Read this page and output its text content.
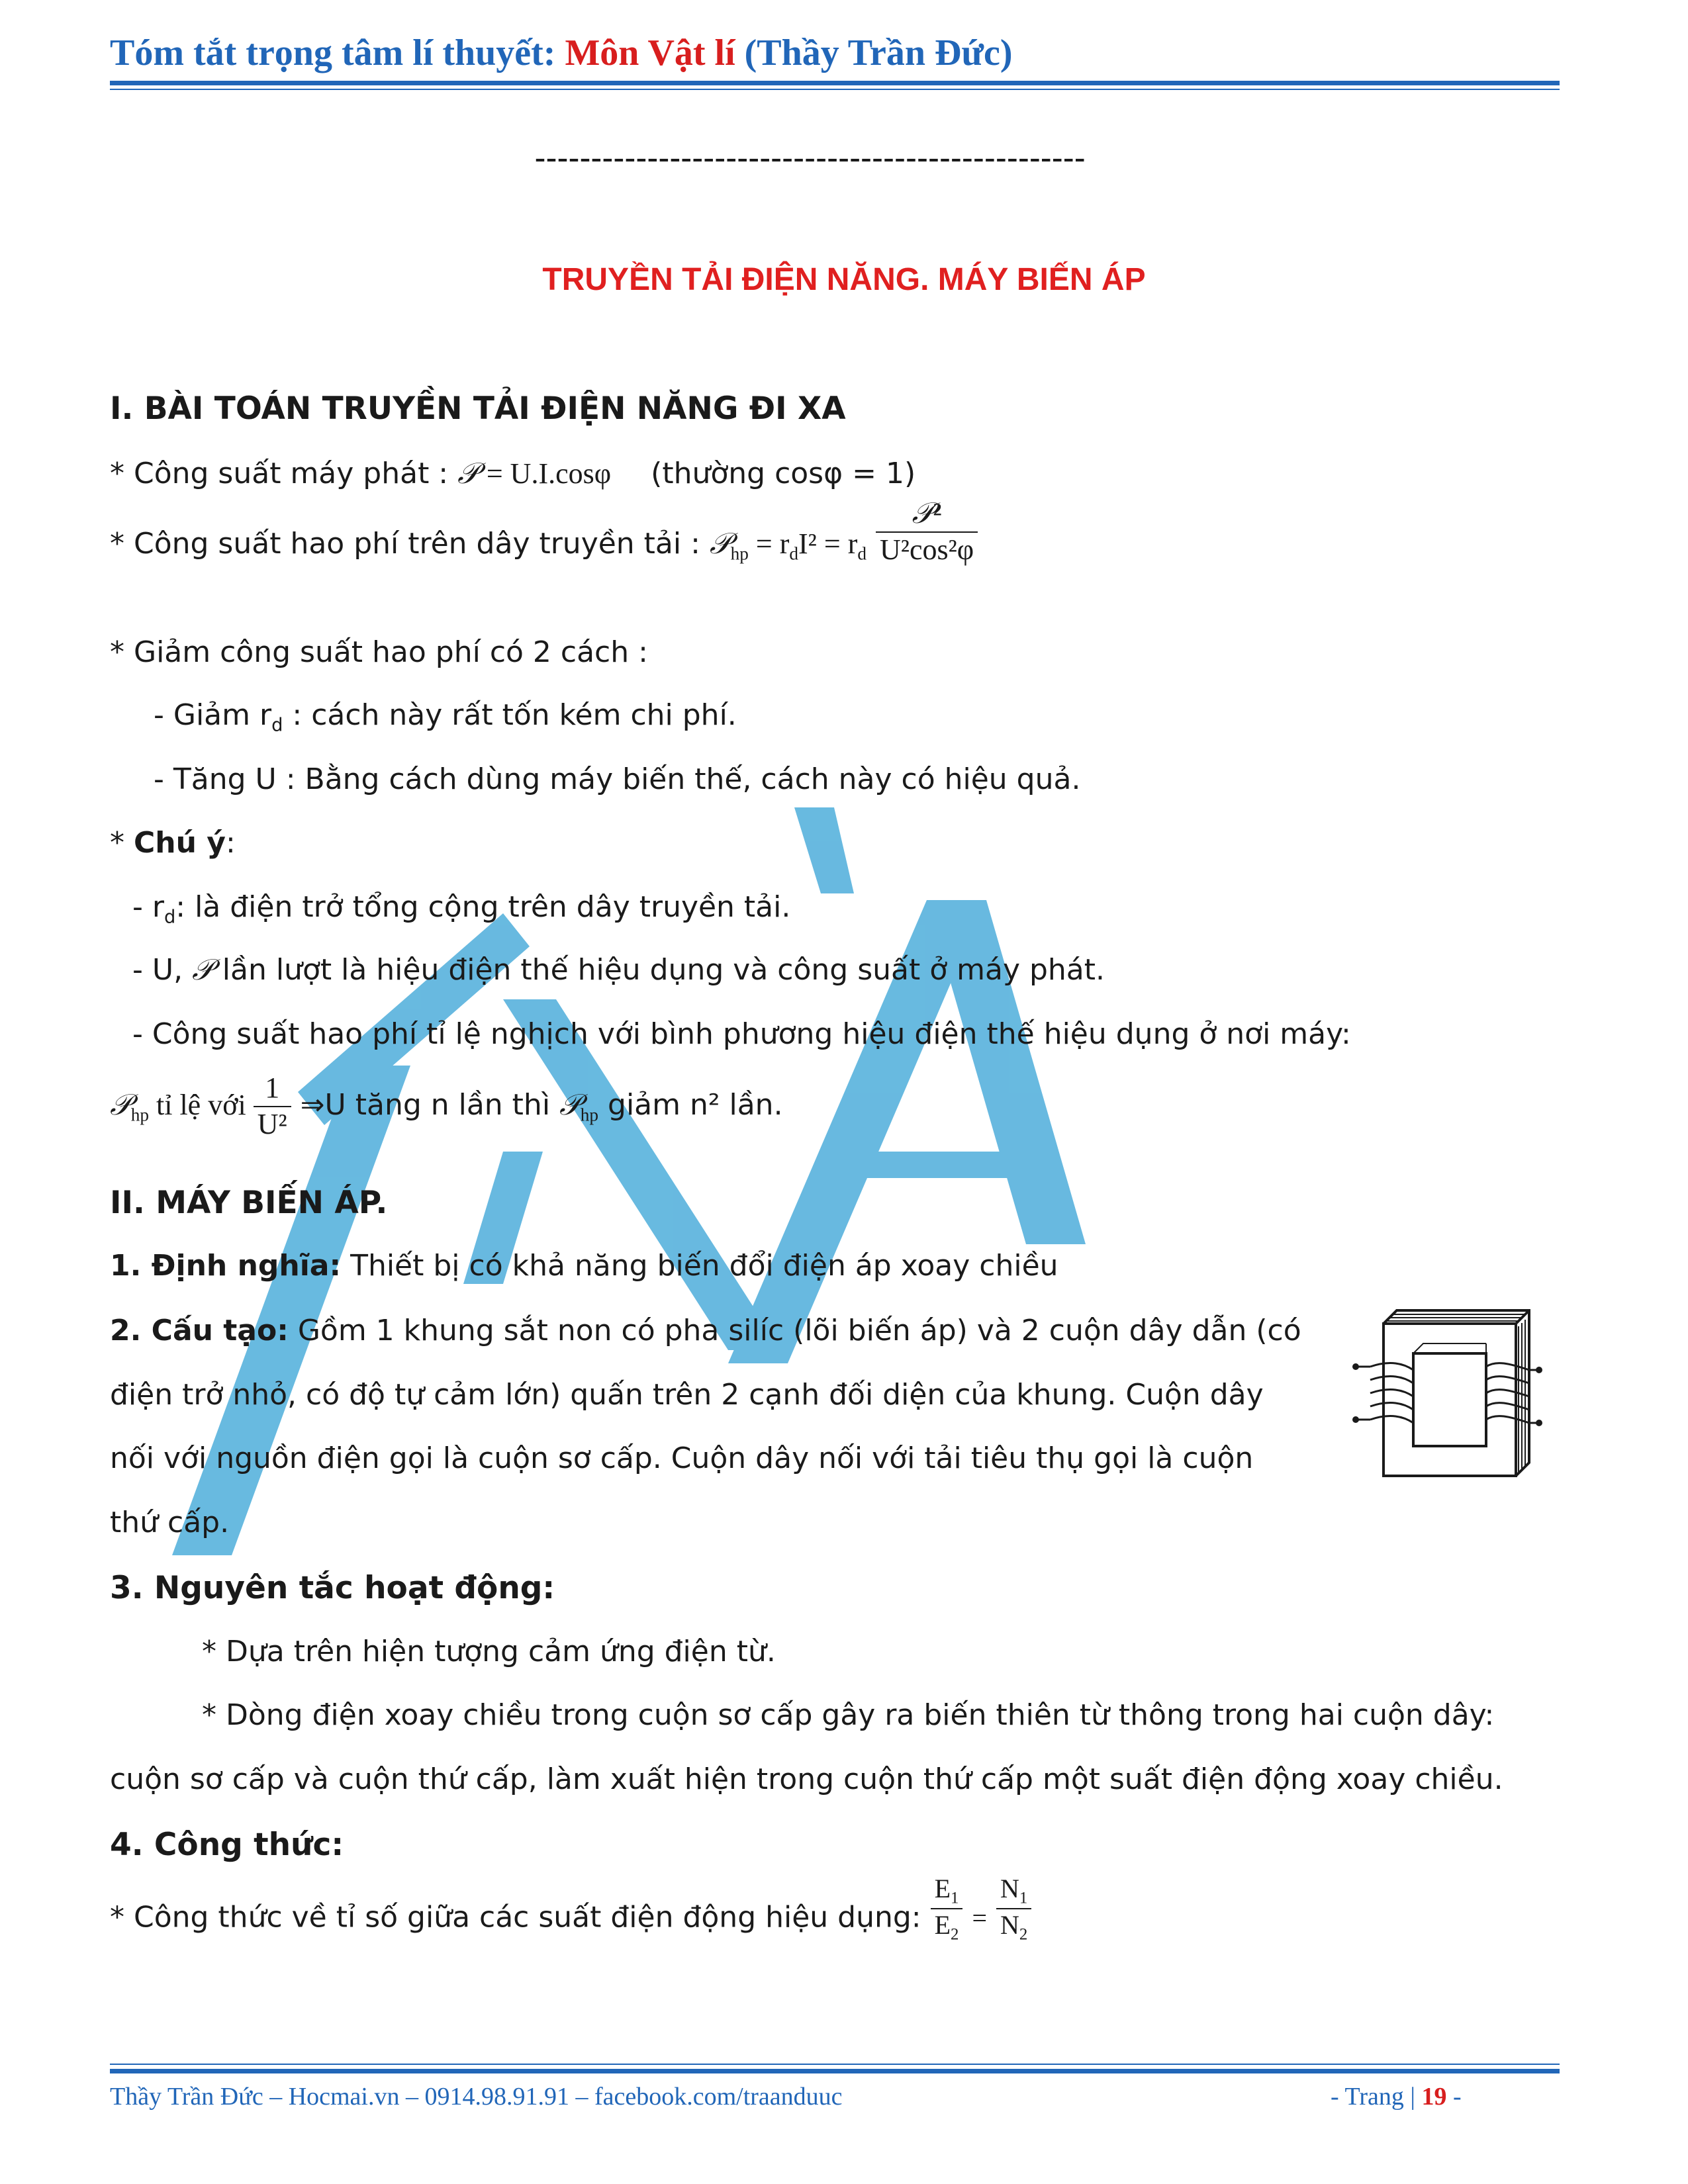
Tóm tắt trọng tâm lí thuyết: Môn Vật lí (Thầy Trần Đức)
-------------------------------------------------
TRUYỀN TẢI ĐIỆN NĂNG. MÁY BIẾN ÁP
I. BÀI TOÁN TRUYỀN TẢI ĐIỆN NĂNG ĐI XA
* Công suất máy phát : 𝒫 = U.I.cosφ (thường cosφ = 1)
* Công suất hao phí trên dây truyền tải : 𝒫$_{hp}$ = $r_dI^2 = r_d \frac{\text{𝒫²}}{\text{U²cos²φ}}$
* Giảm công suất hao phí có 2 cách :
- Giảm $r_d$ : cách này rất tốn kém chi phí.
- Tăng U : Bằng cách dùng máy biến thế, cách này có hiệu quả.
* Chú ý:
- $r_d$: là điện trở tổng cộng trên dây truyền tải.
- U, 𝒫 lần lượt là hiệu điện thế hiệu dụng và công suất ở máy phát.
- Công suất hao phí tỉ lệ nghịch với bình phương hiệu điện thế hiệu dụng ở nơi máy:
𝒫$_{hp}$ tỉ lệ với $\frac{1}{\text{U²}}$ ⇒U tăng n lần thì 𝒫$_{hp}$ giảm n² lần.
II. MÁY BIẾN ÁP.
1. Định nghĩa: Thiết bị có khả năng biến đổi điện áp xoay chiều
2. Cấu tạo: Gồm 1 khung sắt non có pha silíc (lõi biến áp) và 2 cuộn dây dẫn (có
điện trở nhỏ, có độ tự cảm lớn) quấn trên 2 cạnh đối diện của khung. Cuộn dây
nối với nguồn điện gọi là cuộn sơ cấp. Cuộn dây nối với tải tiêu thụ gọi là cuộn
thứ cấp.
3. Nguyên tắc hoạt động:
* Dựa trên hiện tượng cảm ứng điện từ.
* Dòng điện xoay chiều trong cuộn sơ cấp gây ra biến thiên từ thông trong hai cuộn dây:
cuộn sơ cấp và cuộn thứ cấp, làm xuất hiện trong cuộn thứ cấp một suất điện động xoay chiều.
4. Công thức:
* Công thức về tỉ số giữa các suất điện động hiệu dụng: $\frac{E_1}{E_2} = \frac{N_1}{N_2}$
Thầy Trần Đức – Hocmai.vn – 0914.98.91.91 – facebook.com/traanduuc	- Trang | 19 -
